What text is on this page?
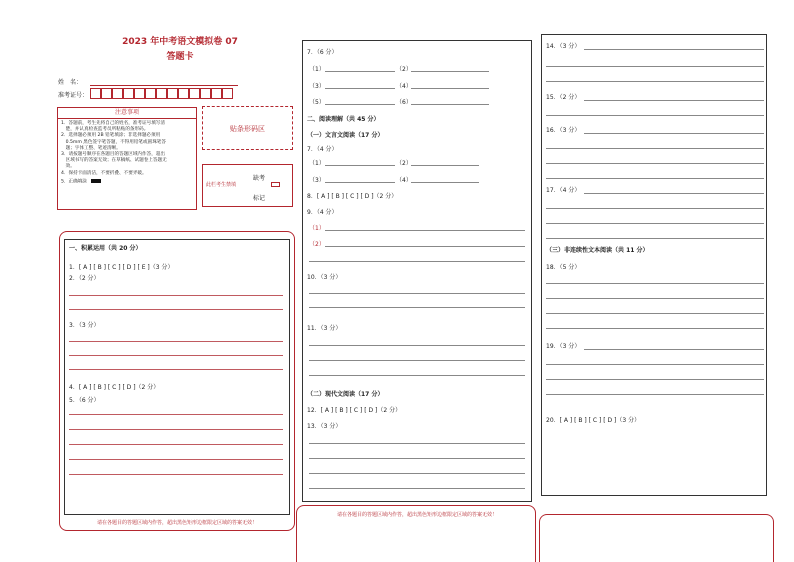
2023 年中考语文模拟卷 07
答题卡
姓　名：
准考证号：
注意事项
1．答题前，考生先将自己的姓名，准考证号填写清
　楚，并认真检查监考员所粘贴的条形码。
2．选择题必须用 2B 铅笔填涂；非选择题必须用
　0.5mm 黑色签字笔答题，不得用铅笔或圆珠笔答
　题；字体工整、笔迹清晰。
3．请按题号顺序在各题目的答题区域内作答，超出
　区域书写的答案无效；在草稿纸、试题卷上答题无
　效。
4．保持卡面清洁，不要折叠、不要弄破。
5．正确填涂
贴条形码区
此栏考生禁填
缺考
标记
一、积累运用（共 20 分）
1．[ A ] [ B ] [ C ] [ D ] [ E ]（3 分）
2．（2 分）
3．（3 分）
4．[ A ] [ B ] [ C ] [ D ]（2 分）
5．（6 分）
请在各题目的答题区域内作答，超出黑色矩形边框限定区域的答案无效！
7．（6 分）
（1）	（2）
（3）	（4）
（5）	（6）
二、阅读理解（共 45 分）
（一）文言文阅读（17 分）
7．（4 分）
（1）	（2）
（3）	（4）
8．[ A ] [ B ] [ C ] [ D ]（2 分）
9．（4 分）
（1）
（2）
10．（3 分）
11．（3 分）
（二）现代文阅读（17 分）
12．[ A ] [ B ] [ C ] [ D ]（2 分）
13．（3 分）
请在各题目的答题区域内作答，超出黑色矩形边框限定区域的答案无效！
14．（3 分）
15．（2 分）
16．（3 分）
17．（4 分）
（三）非连续性文本阅读（共 11 分）
18．（5 分）
19．（3 分）
20．[ A ] [ B ] [ C ] [ D ]（3 分）
